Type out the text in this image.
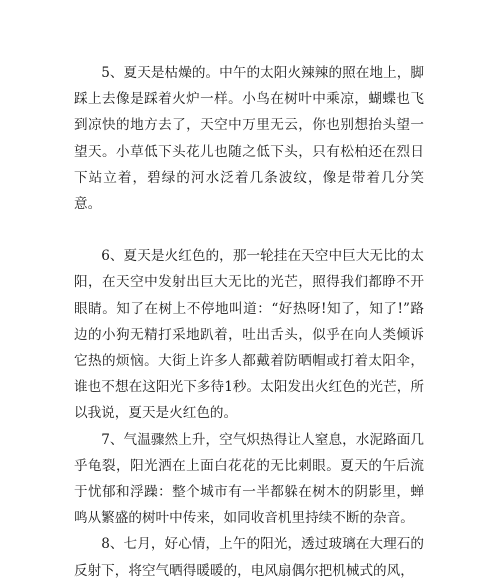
5、夏天是枯燥的。中午的太阳火辣辣的照在地上，脚踩上去像是踩着火炉一样。小鸟在树叶中乘凉，蝴蝶也飞到凉快的地方去了，天空中万里无云，你也别想抬头望一望天。小草低下头花儿也随之低下头，只有松柏还在烈日下站立着，碧绿的河水泛着几条波纹，像是带着几分笑意。

6、夏天是火红色的，那一轮挂在天空中巨大无比的太阳，在天空中发射出巨大无比的光芒，照得我们都睁不开眼睛。知了在树上不停地叫道：“好热呀!知了，知了!”路边的小狗无精打采地趴着，吐出舌头，似乎在向人类倾诉它热的烦恼。大街上许多人都戴着防晒帽或打着太阳伞，谁也不想在这阳光下多待1秒。太阳发出火红色的光芒，所以我说，夏天是火红色的。

7、气温骤然上升，空气炽热得让人窒息，水泥路面几乎龟裂，阳光洒在上面白花花的无比刺眼。夏天的午后流于忧郁和浮躁：整个城市有一半都躲在树木的阴影里，蝉鸣从繁盛的树叶中传来，如同收音机里持续不断的杂音。

8、七月，好心情，上午的阳光，透过玻璃在大理石的反射下，将空气晒得暖暖的，电风扇偶尔把机械式的风，
